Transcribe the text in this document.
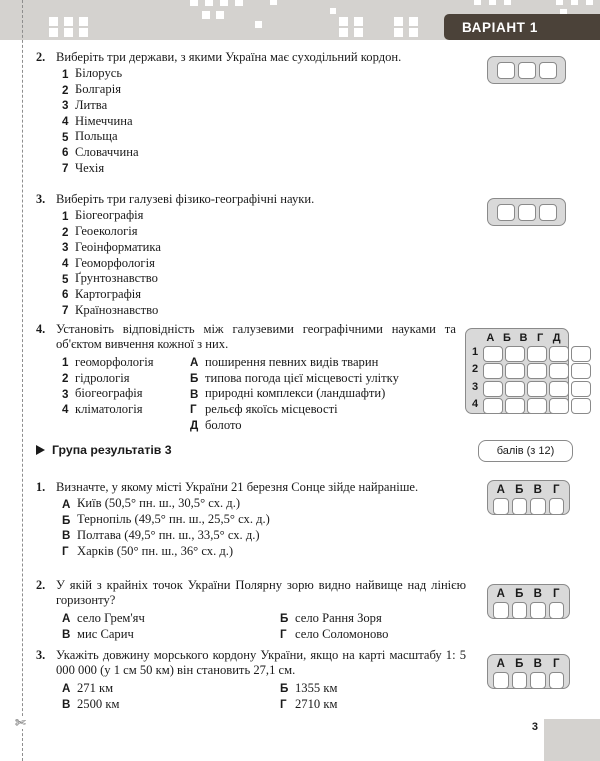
ВАРІАНТ 1
✄
2. Виберіть три держави, з якими Україна має суходільний кордон.
1 Білорусь
2 Болгарія
3 Литва
4 Німеччина
5 Польща
6 Словаччина
7 Чехія
3. Виберіть три галузеві фізико-географічні науки.
1 Біогеографія
2 Геоекологія
3 Геоінформатика
4 Геоморфологія
5 Ґрунтознавство
6 Картографія
7 Країнознавство
4. Установіть відповідність між галузевими географічними науками та об'єктом вивчення кожної з них.
1 геоморфологія
2 гідрологія
3 біогеографія
4 кліматологія
А поширення певних видів тварин
Б типова погода цієї місцевості улітку
В природні комплекси (ландшафти)
Г рельєф якоїсь місцевості
Д болото
А Б В Г Д
1
2
3
4
Група результатів 3	балів (з 12)
1. Визначте, у якому місті України 21 березня Сонце зійде найраніше.
А Київ (50,5° пн. ш., 30,5° сх. д.)
Б Тернопіль (49,5° пн. ш., 25,5° сх. д.)
В Полтава (49,5° пн. ш., 33,5° сх. д.)
Г Харків (50° пн. ш., 36° сх. д.)
А Б В Г
2. У якій з крайніх точок України Полярну зорю видно найвище над лінією горизонту?
А село Грем'яч	Б село Рання Зоря
В мис Сарич	Г село Соломоново
А Б В Г
3. Укажіть довжину морського кордону України, якщо на карті масштабу 1: 5 000 000 (у 1 см 50 км) він становить 27,1 см.
А 271 км	Б 1355 км
В 2500 км	Г 2710 км
А Б В Г
3
